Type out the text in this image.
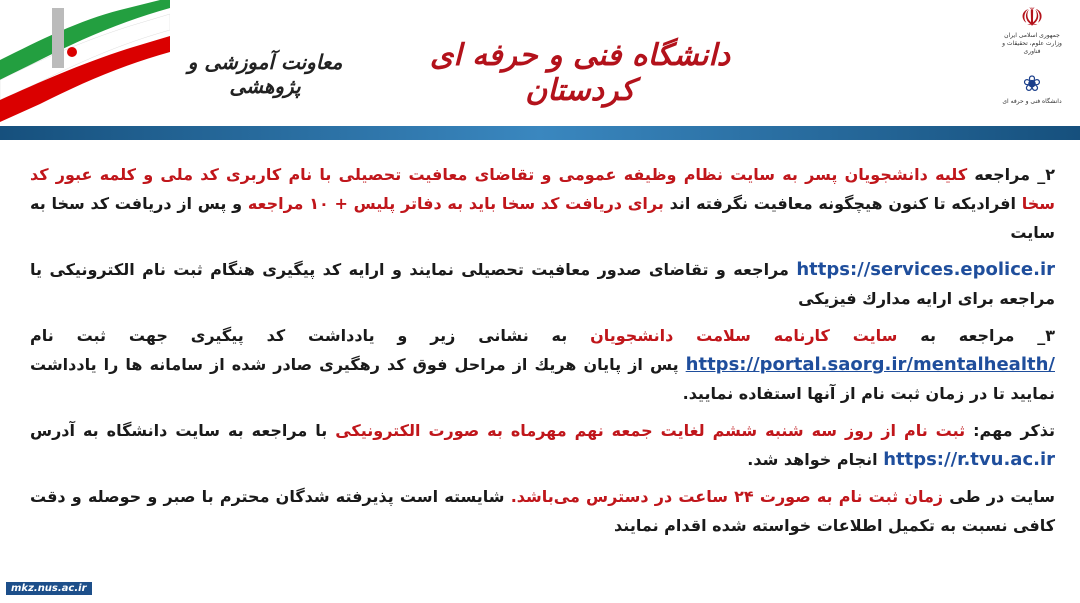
معاونت آموزشی و پژوهشی
دانشگاه فنی و حرفه ای کردستان
☫
جمهوری اسلامی ایران
وزارت علوم، تحقیقات و فناوری
❀
دانشگاه فنی و حرفه ای

۲_ مراجعه کلیه دانشجویان پسر به سایت نظام وظیفه عمومی و تقاضای معافیت تحصیلی با نام کاربری کد ملی و کلمه عبور کد سخا افرادیکه تا کنون هیچگونه معافیت نگرفته اند برای دریافت کد سخا باید به دفاتر پلیس + ۱۰ مراجعه و پس از دریافت کد سخا به سایت

https://services.epolice.ir مراجعه و تقاضای صدور معافیت تحصیلی نمایند و ارایه کد پیگیری هنگام ثبت نام الکترونیکی یا مراجعه برای ارایه مدارك فیزیکی

۳_ مراجعه به سایت کارنامه سلامت دانشجویان به نشانی زیر و یادداشت کد پیگیری جهت ثبت نام https://portal.saorg.ir/mentalhealth/ پس از پایان هریك از مراحل فوق کد رهگیری صادر شده از سامانه ها را یادداشت نمایید تا در زمان ثبت نام از آنها استفاده نمایید.

تذکر مهم: ثبت نام از روز سه شنبه ششم لغایت جمعه نهم مهرماه به صورت الکترونیکی با مراجعه به سایت دانشگاه به آدرس https://r.tvu.ac.ir انجام خواهد شد.

سایت در طی زمان ثبت نام به صورت ۲۴ ساعت در دسترس می‌باشد. شایسته است پذیرفته شدگان محترم با صبر و حوصله و دقت کافی نسبت به تکمیل اطلاعات خواسته شده اقدام نمایند

mkz.nus.ac.ir
